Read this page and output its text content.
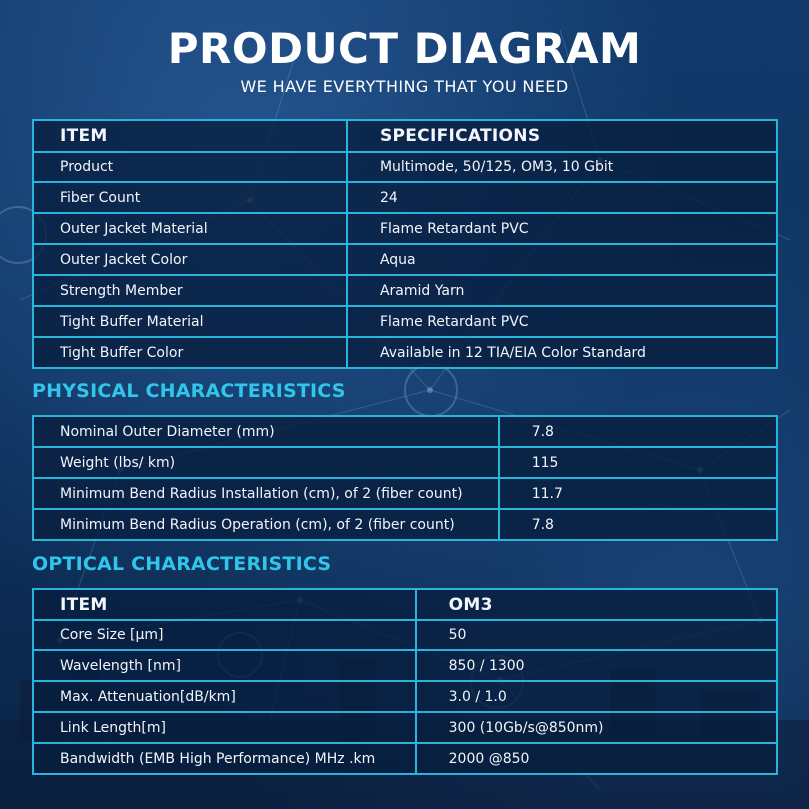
PRODUCT DIAGRAM
WE HAVE EVERYTHING THAT YOU NEED
ITEM	SPECIFICATIONS
Product	Multimode, 50/125, OM3, 10 Gbit
Fiber Count	24
Outer Jacket Material	Flame Retardant PVC
Outer Jacket Color	Aqua
Strength Member	Aramid Yarn
Tight Buffer Material	Flame Retardant PVC
Tight Buffer Color	Available in 12 TIA/EIA Color Standard
PHYSICAL CHARACTERISTICS
Nominal Outer Diameter (mm)	7.8
Weight (lbs/ km)	115
Minimum Bend Radius Installation (cm), of 2 (fiber count)	11.7
Minimum Bend Radius Operation (cm), of 2 (fiber count)	7.8
OPTICAL CHARACTERISTICS
ITEM	OM3
Core Size [µm]	50
Wavelength [nm]	850 / 1300
Max. Attenuation[dB/km]	3.0 / 1.0
Link Length[m]	300 (10Gb/s@850nm)
Bandwidth (EMB High Performance) MHz .km	2000 @850
